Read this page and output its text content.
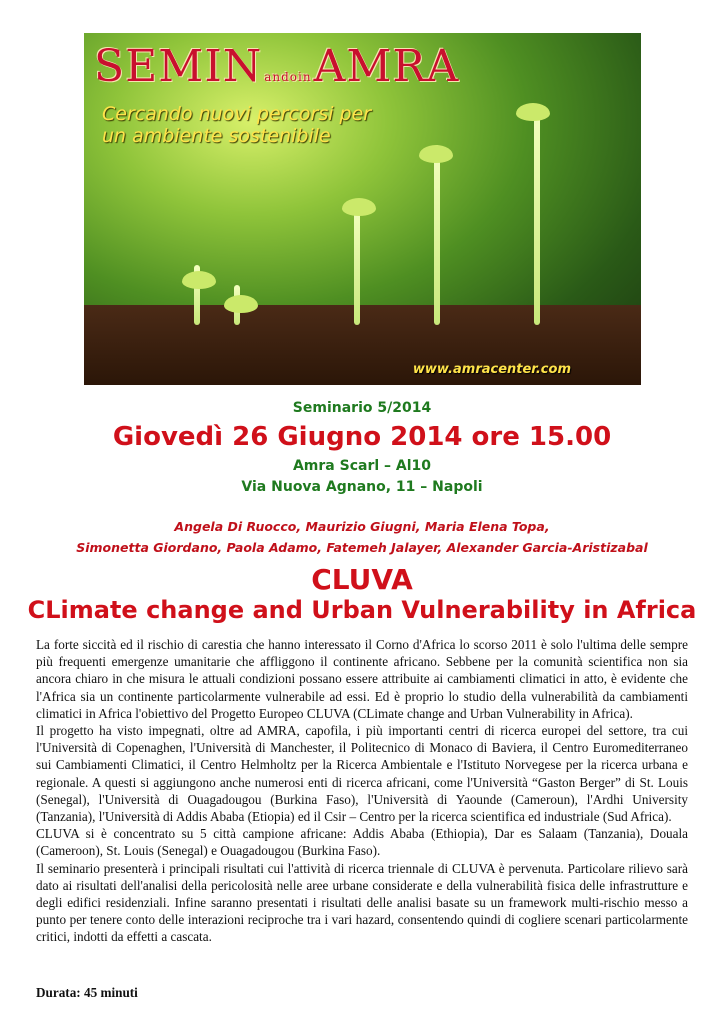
SEMIN andoinAMRA
Cercando nuovi percorsi per
un ambiente sostenibile
www.amracenter.com
Seminario 5/2014
Giovedì 26 Giugno 2014 ore 15.00
Amra Scarl – Al10
Via Nuova Agnano, 11 – Napoli
Angela Di Ruocco, Maurizio Giugni, Maria Elena Topa,
Simonetta Giordano, Paola Adamo, Fatemeh Jalayer, Alexander Garcia-Aristizabal
CLUVA
CLimate change and Urban Vulnerability in Africa

La forte siccità ed il rischio di carestia che hanno interessato il Corno d'Africa lo scorso 2011 è solo l'ultima delle sempre più frequenti emergenze umanitarie che affliggono il continente africano. Sebbene per la comunità scientifica non sia ancora chiaro in che misura le attuali condizioni possano essere attribuite ai cambiamenti climatici in atto, è evidente che l'Africa sia un continente particolarmente vulnerabile ad essi. Ed è proprio lo studio della vulnerabilità da cambiamenti climatici in Africa l'obiettivo del Progetto Europeo CLUVA (CLimate change and Urban Vulnerability in Africa).

Il progetto ha visto impegnati, oltre ad AMRA, capofila, i più importanti centri di ricerca europei del settore, tra cui l'Università di Copenaghen, l'Università di Manchester, il Politecnico di Monaco di Baviera, il Centro Euromediterraneo sui Cambiamenti Climatici, il Centro Helmholtz per la Ricerca Ambientale e l'Istituto Norvegese per la ricerca urbana e regionale. A questi si aggiungono anche numerosi enti di ricerca africani, come l'Università “Gaston Berger” di St. Louis (Senegal), l'Università di Ouagadougou (Burkina Faso), l'Università di Yaounde (Cameroun), l'Ardhi University (Tanzania), l'Università di Addis Ababa (Etiopia) ed il Csir – Centro per la ricerca scientifica ed industriale (Sud Africa).

CLUVA si è concentrato su 5 città campione africane: Addis Ababa (Ethiopia), Dar es Salaam (Tanzania), Douala (Cameroon), St. Louis (Senegal) e Ouagadougou (Burkina Faso).

Il seminario presenterà i principali risultati cui l'attività di ricerca triennale di CLUVA è pervenuta. Particolare rilievo sarà dato ai risultati dell'analisi della pericolosità nelle aree urbane considerate e della vulnerabilità fisica delle infrastrutture e degli edifici residenziali. Infine saranno presentati i risultati delle analisi basate su un framework multi-rischio messo a punto per tenere conto delle interazioni reciproche tra i vari hazard, consentendo quindi di cogliere scenari particolarmente critici, indotti da effetti a cascata.

Durata: 45 minuti
